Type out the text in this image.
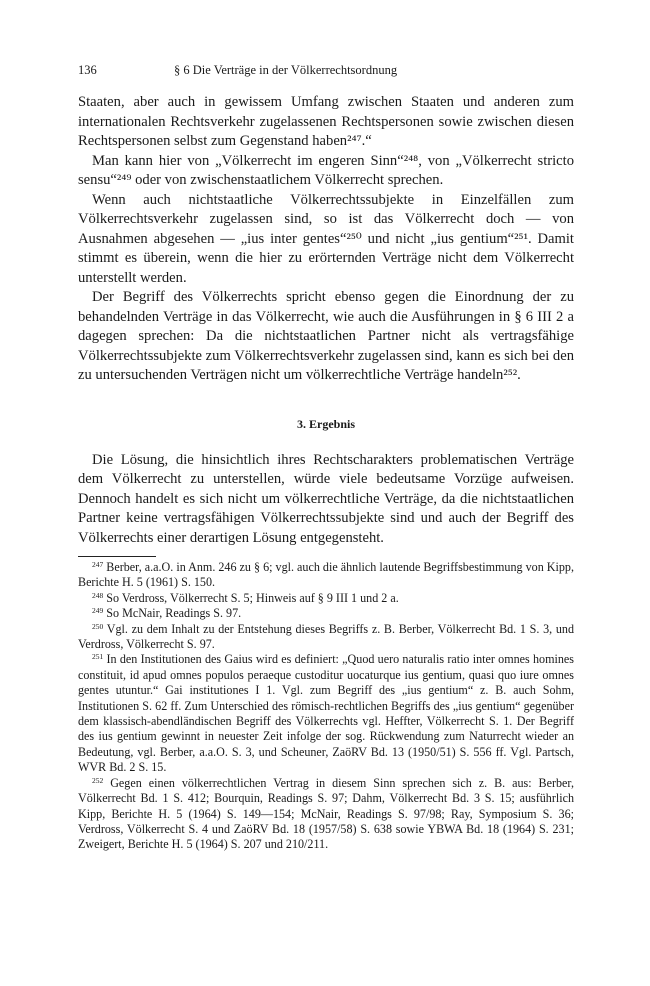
136	§ 6 Die Verträge in der Völkerrechtsordnung

Staaten, aber auch in gewissem Umfang zwischen Staaten und anderen zum internationalen Rechtsverkehr zugelassenen Rechtspersonen sowie zwischen diesen Rechtspersonen selbst zum Gegenstand haben²⁴⁷.“

Man kann hier von „Völkerrecht im engeren Sinn“²⁴⁸, von „Völkerrecht stricto sensu“²⁴⁹ oder von zwischenstaatlichem Völkerrecht sprechen.

Wenn auch nichtstaatliche Völkerrechtssubjekte in Einzelfällen zum Völkerrechtsverkehr zugelassen sind, so ist das Völkerrecht doch — von Ausnahmen abgesehen — „ius inter gentes“²⁵⁰ und nicht „ius gentium“²⁵¹. Damit stimmt es überein, wenn die hier zu erörternden Verträge nicht dem Völkerrecht unterstellt werden.

Der Begriff des Völkerrechts spricht ebenso gegen die Einordnung der zu behandelnden Verträge in das Völkerrecht, wie auch die Ausführungen in § 6 III 2 a dagegen sprechen: Da die nichtstaatlichen Partner nicht als vertragsfähige Völkerrechtssubjekte zum Völkerrechtsverkehr zugelassen sind, kann es sich bei den zu untersuchenden Verträgen nicht um völkerrechtliche Verträge handeln²⁵².

3. Ergebnis

Die Lösung, die hinsichtlich ihres Rechtscharakters problematischen Verträge dem Völkerrecht zu unterstellen, würde viele bedeutsame Vorzüge aufweisen. Dennoch handelt es sich nicht um völkerrechtliche Verträge, da die nichtstaatlichen Partner keine vertragsfähigen Völkerrechtssubjekte sind und auch der Begriff des Völkerrechts einer derartigen Lösung entgegensteht.

$^{247}$ Berber, a.a.O. in Anm. 246 zu § 6; vgl. auch die ähnlich lautende Begriffsbestimmung von Kipp, Berichte H. 5 (1961) S. 150.

$^{248}$ So Verdross, Völkerrecht S. 5; Hinweis auf § 9 III 1 und 2 a.

$^{249}$ So McNair, Readings S. 97.

$^{250}$ Vgl. zu dem Inhalt zu der Entstehung dieses Begriffs z. B. Berber, Völkerrecht Bd. 1 S. 3, und Verdross, Völkerrecht S. 97.

$^{251}$ In den Institutionen des Gaius wird es definiert: „Quod uero naturalis ratio inter omnes homines constituit, id apud omnes populos peraeque custoditur uocaturque ius gentium, quasi quo iure omnes gentes utuntur.“ Gai institutiones I 1. Vgl. zum Begriff des „ius gentium“ z. B. auch Sohm, Institutionen S. 62 ff. Zum Unterschied des römisch-rechtlichen Begriffs des „ius gentium“ gegenüber dem klassisch-abendländischen Begriff des Völkerrechts vgl. Heffter, Völkerrecht S. 1. Der Begriff des ius gentium gewinnt in neuester Zeit infolge der sog. Rückwendung zum Naturrecht wieder an Bedeutung, vgl. Berber, a.a.O. S. 3, und Scheuner, ZaöRV Bd. 13 (1950/51) S. 556 ff. Vgl. Partsch, WVR Bd. 2 S. 15.

$^{252}$ Gegen einen völkerrechtlichen Vertrag in diesem Sinn sprechen sich z. B. aus: Berber, Völkerrecht Bd. 1 S. 412; Bourquin, Readings S. 97; Dahm, Völkerrecht Bd. 3 S. 15; ausführlich Kipp, Berichte H. 5 (1964) S. 149—154; McNair, Readings S. 97/98; Ray, Symposium S. 36; Verdross, Völkerrecht S. 4 und ZaöRV Bd. 18 (1957/58) S. 638 sowie YBWA Bd. 18 (1964) S. 231; Zweigert, Berichte H. 5 (1964) S. 207 und 210/211.
